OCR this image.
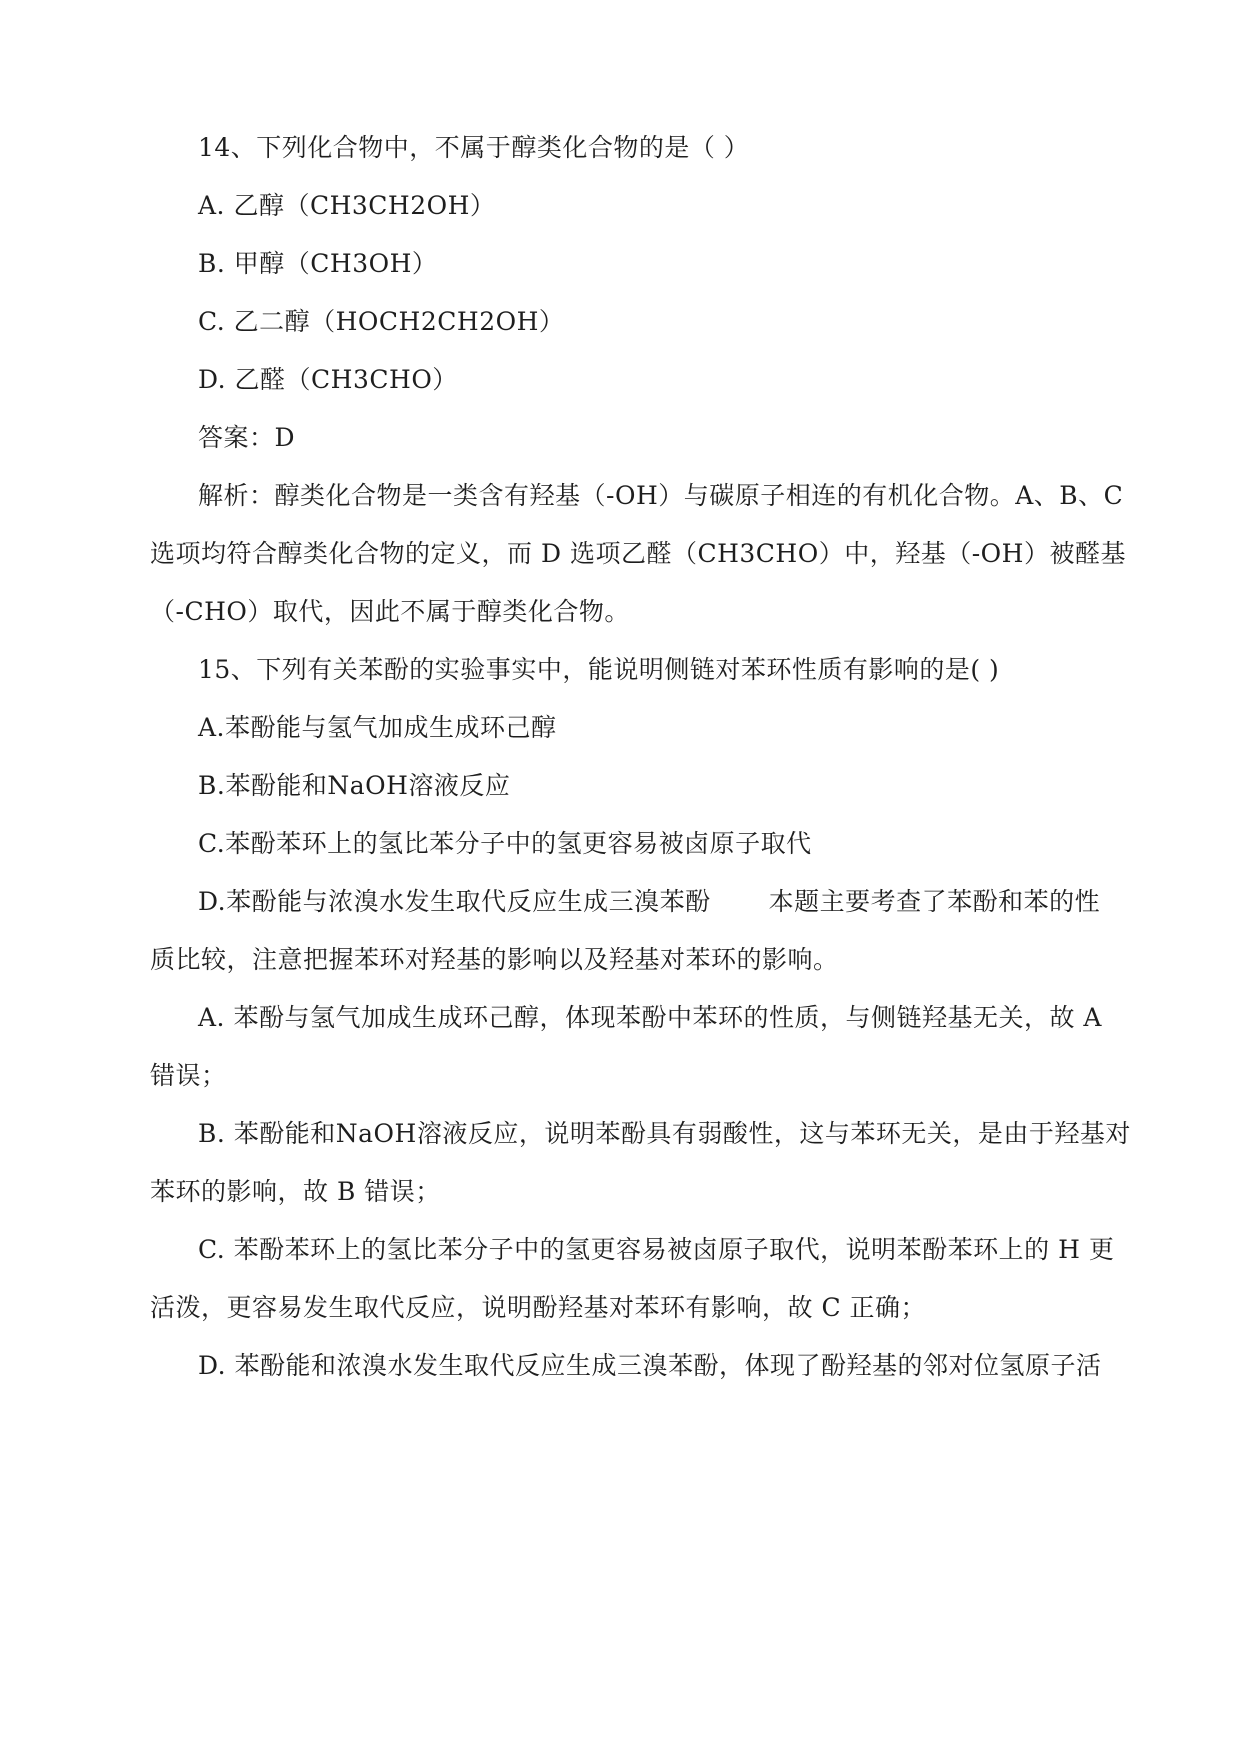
14、下列化合物中，不属于醇类化合物的是（ ）
A. 乙醇（CH3CH2OH）
B. 甲醇（CH3OH）
C. 乙二醇（HOCH2CH2OH）
D. 乙醛（CH3CHO）
答案：D
解析：醇类化合物是一类含有羟基（-OH）与碳原子相连的有机化合物。A、B、C
选项均符合醇类化合物的定义，而 D 选项乙醛（CH3CHO）中，羟基（-OH）被醛基
（-CHO）取代，因此不属于醇类化合物。
15、下列有关苯酚的实验事实中，能说明侧链对苯环性质有影响的是( )
A.苯酚能与氢气加成生成环己醇
B.苯酚能和NaOH溶液反应
C.苯酚苯环上的氢比苯分子中的氢更容易被卤原子取代
D.苯酚能与浓溴水发生取代反应生成三溴苯酚 本题主要考查了苯酚和苯的性
质比较，注意把握苯环对羟基的影响以及羟基对苯环的影响。
A. 苯酚与氢气加成生成环己醇，体现苯酚中苯环的性质，与侧链羟基无关，故 A
错误；
B. 苯酚能和NaOH溶液反应，说明苯酚具有弱酸性，这与苯环无关，是由于羟基对
苯环的影响，故 B 错误；
C. 苯酚苯环上的氢比苯分子中的氢更容易被卤原子取代，说明苯酚苯环上的 H 更
活泼，更容易发生取代反应，说明酚羟基对苯环有影响，故 C 正确；
D. 苯酚能和浓溴水发生取代反应生成三溴苯酚，体现了酚羟基的邻对位氢原子活
